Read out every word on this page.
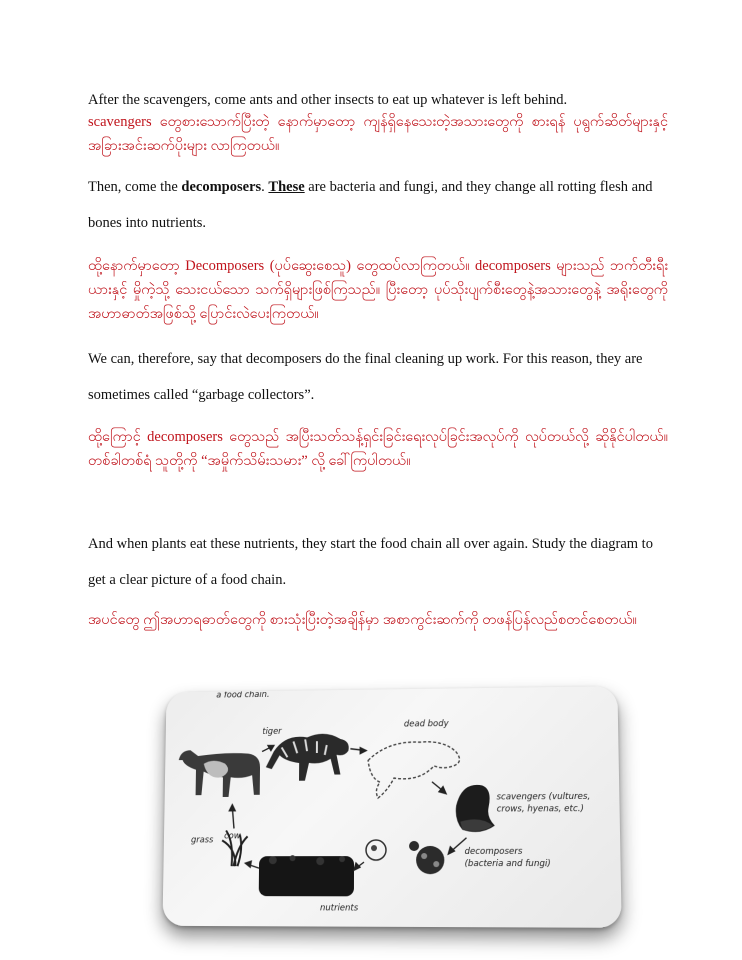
After the scavengers, come ants and other insects to eat up whatever is left behind.

scavengers တွေစားသောက်ပြီးတဲ့ နောက်မှာတော့ ကျန်ရှိနေသေးတဲ့အသားတွေကို စားရန် ပုရွက်ဆိတ်များနှင့် အခြားအင်းဆက်ပိုးများ လာကြတယ်။

Then, come the decomposers. These are bacteria and fungi, and they change all rotting flesh and bones into nutrients.

ထို့နောက်မှာတော့ Decomposers (ပုပ်ဆွေးစေသူ) တွေထပ်လာကြတယ်။ decomposers များသည် ဘက်တီးရီးယားနှင့် မှိုကဲ့သို့ သေးငယ်သော သက်ရှိများဖြစ်ကြသည်။ ပြီးတော့ ပုပ်သိုးပျက်စီးတွေနဲ့အသားတွေနဲ့ အရိုးတွေကို အဟာဓာတ်အဖြစ်သို့ ပြောင်းလဲပေးကြတယ်။

We can, therefore, say that decomposers do the final cleaning up work. For this reason, they are sometimes called “garbage collectors”.

ထို့ကြောင့် decomposers တွေသည် အပြီးသတ်သန့်ရှင်းခြင်းရေးလုပ်ခြင်းအလုပ်ကို လုပ်တယ်လို့ ဆိုနိုင်ပါတယ်။ တစ်ခါတစ်ရံ သူတို့ကို “အမှိုက်သိမ်းသမား” လို့ ခေါ်ကြပါတယ်။

And when plants eat these nutrients, they start the food chain all over again. Study the diagram to get a clear picture of a food chain.

အပင်တွေ ဤအဟာရဓာတ်တွေကို စားသုံးပြီးတဲ့အချိန်မှာ အစာကွင်းဆက်ကို တဖန်ပြန်လည်စတင်စေတယ်။

a food chain.
tiger
dead body
cow
grass
nutrients
scavengers (vultures,
crows, hyenas, etc.)
decomposers
(bacteria and fungi)
